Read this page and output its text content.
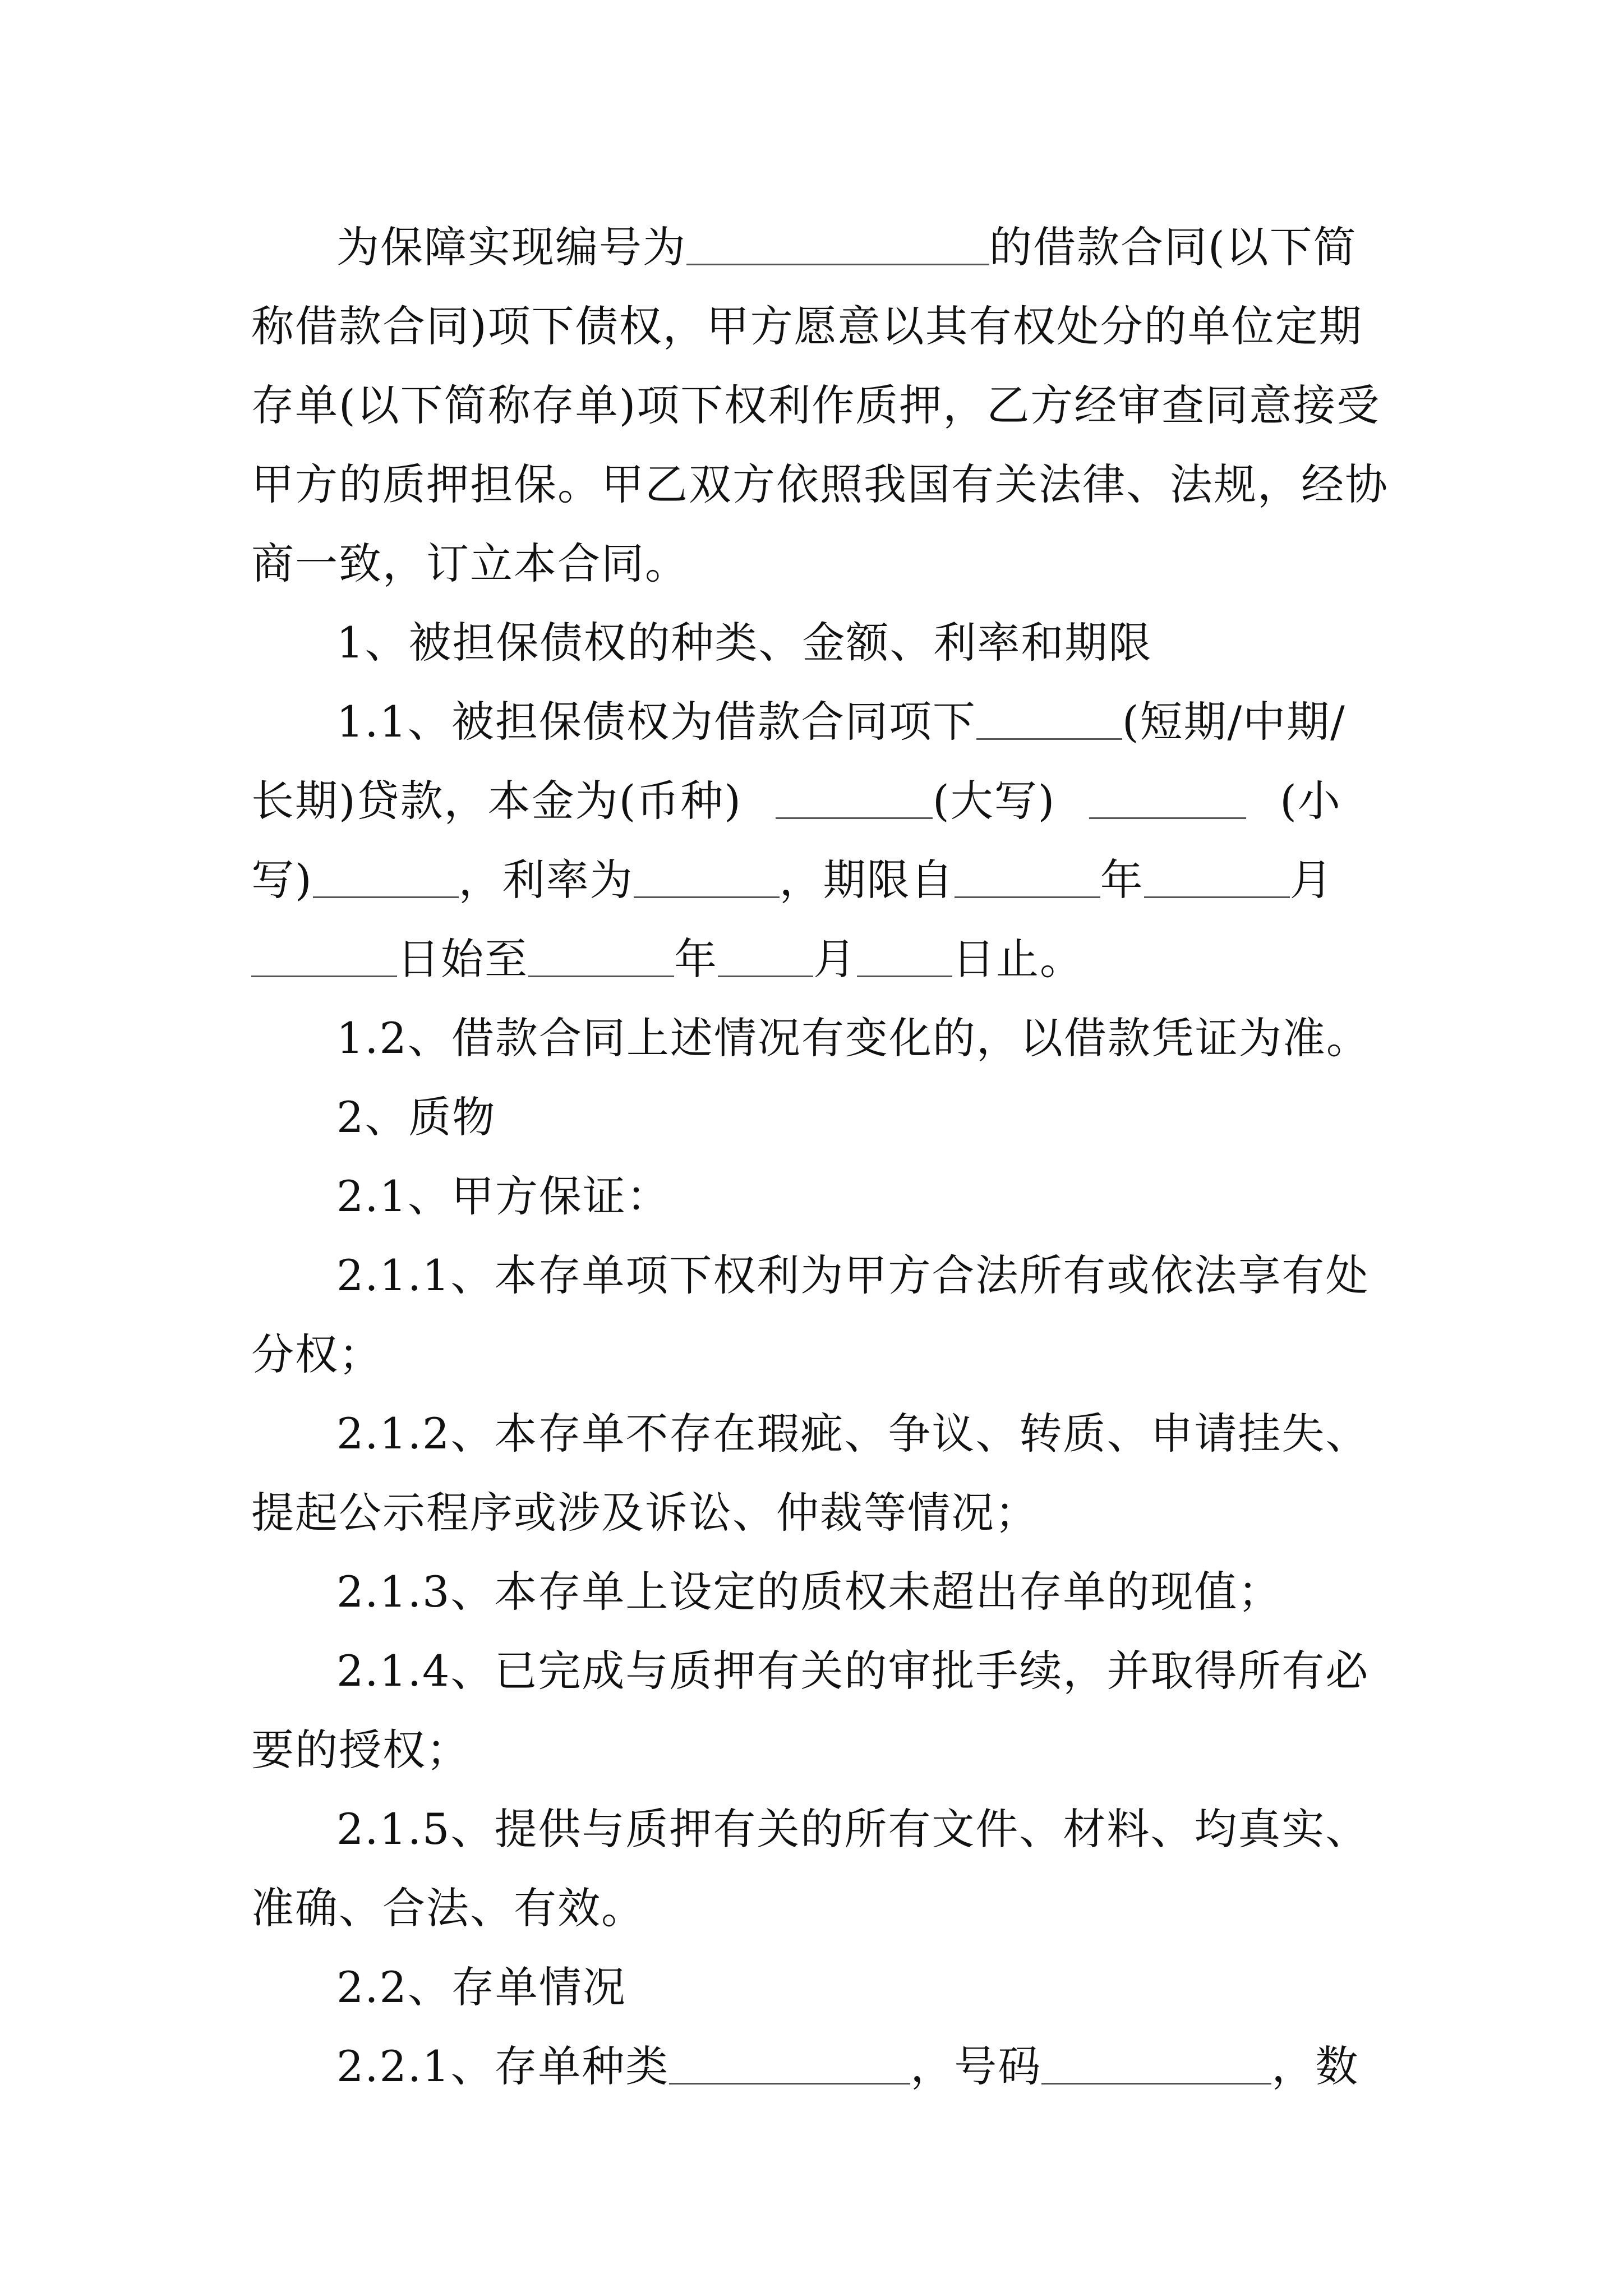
为保障实现编号为	的借款合同(以下简
称借款合同)项下债权，甲方愿意以其有权处分的单位定期
存单(以下简称存单)项下权利作质押，乙方经审查同意接受
甲方的质押担保。甲乙双方依照我国有关法律、法规，经协
商一致，订立本合同。
1、被担保债权的种类、金额、利率和期限
1.1、被担保债权为借款合同项下	(短期/中期/
长期)贷款，本金为(币种)	(大写)	(小
写)	，利率为	，期限自	年	月
日始至	年 月 日止。
1.2、借款合同上述情况有变化的，以借款凭证为准。
2、质物
2.1、甲方保证：
2.1.1、本存单项下权利为甲方合法所有或依法享有处
分权；
2.1.2、本存单不存在瑕疵、争议、转质、申请挂失、
提起公示程序或涉及诉讼、仲裁等情况；
2.1.3、本存单上设定的质权未超出存单的现值；
2.1.4、已完成与质押有关的审批手续，并取得所有必
要的授权；
2.1.5、提供与质押有关的所有文件、材料、均真实、
准确、合法、有效。
2.2、存单情况
2.2.1、存单种类	，号码	，数
